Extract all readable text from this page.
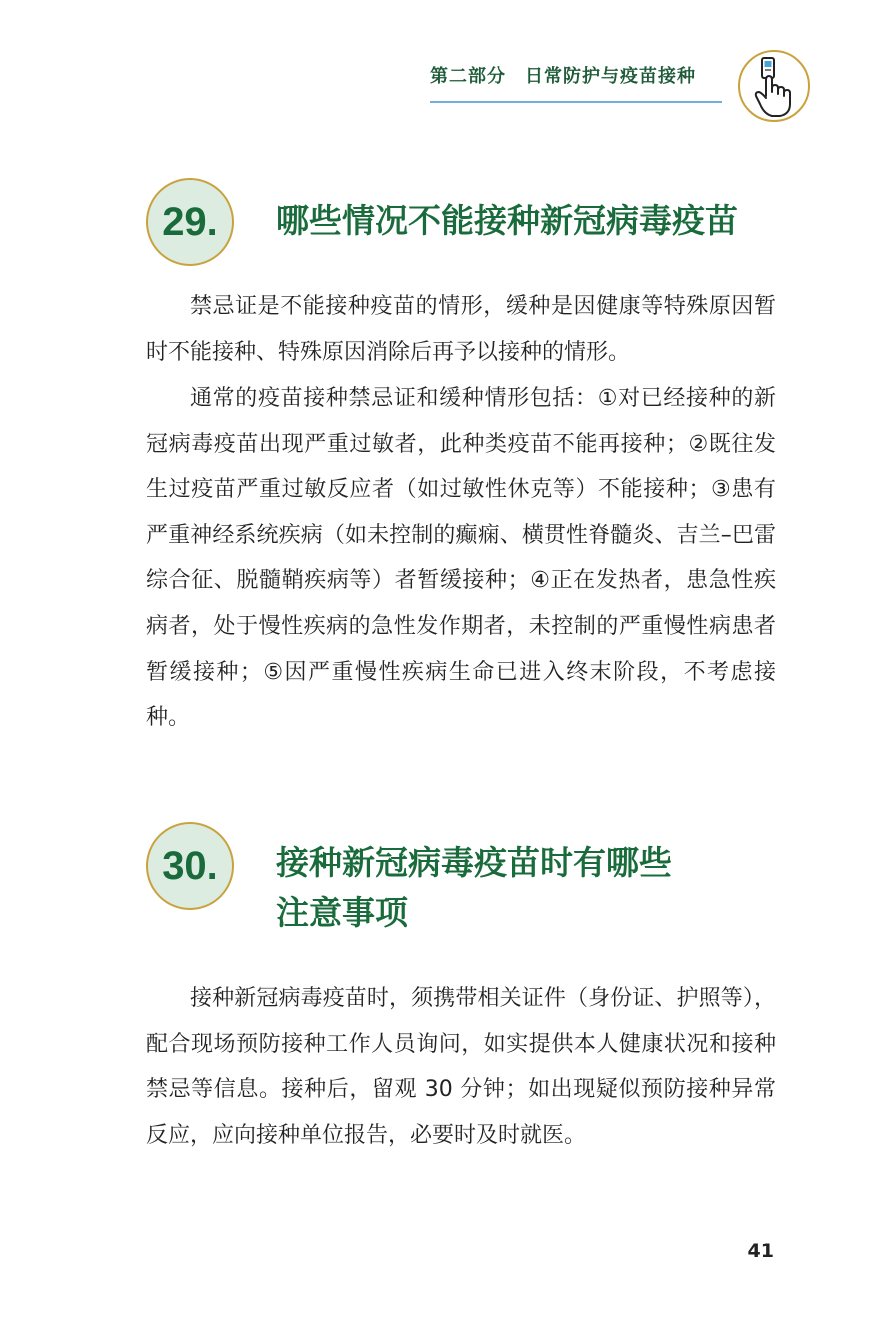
第二部分　日常防护与疫苗接种
29. 哪些情况不能接种新冠病毒疫苗

禁忌证是不能接种疫苗的情形，缓种是因健康等特殊原因暂时不能接种、特殊原因消除后再予以接种的情形。

通常的疫苗接种禁忌证和缓种情形包括：①对已经接种的新冠病毒疫苗出现严重过敏者，此种类疫苗不能再接种；②既往发生过疫苗严重过敏反应者（如过敏性休克等）不能接种；③患有严重神经系统疾病（如未控制的癫痫、横贯性脊髓炎、吉兰–巴雷综合征、脱髓鞘疾病等）者暂缓接种；④正在发热者，患急性疾病者，处于慢性疾病的急性发作期者，未控制的严重慢性病患者暂缓接种；⑤因严重慢性疾病生命已进入终末阶段，不考虑接种。

30. 接种新冠病毒疫苗时有哪些
注意事项

接种新冠病毒疫苗时，须携带相关证件（身份证、护照等），配合现场预防接种工作人员询问，如实提供本人健康状况和接种禁忌等信息。接种后，留观 30 分钟；如出现疑似预防接种异常反应，应向接种单位报告，必要时及时就医。

41
